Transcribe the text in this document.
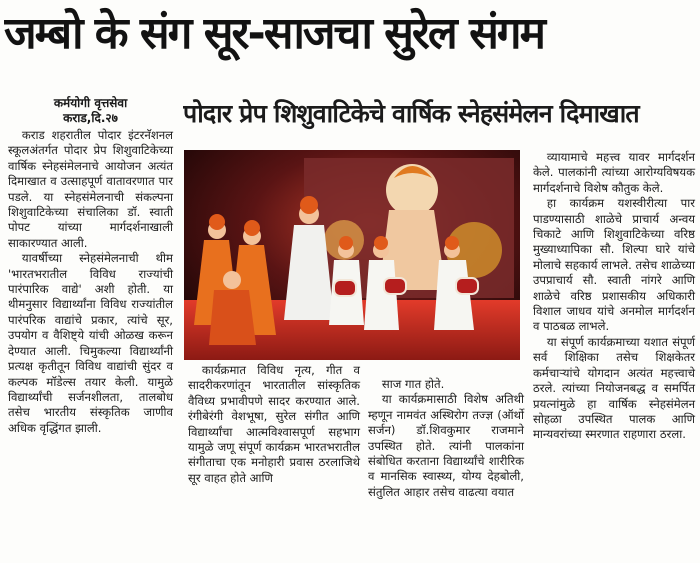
जम्बो के संग सूर-साजचा सुरेल संगम
कर्मयोगी वृत्तसेवा
कराड,दि.२७	पोदार प्रेप शिशुवाटिकेचे वार्षिक स्नेहसंमेलन दिमाखात

कराड शहरातील पोदार इंटरनॅशनल स्कूलअंतर्गत पोदार प्रेप शिशुवाटिकेच्या वार्षिक स्नेहसंमेलनाचे आयोजन अत्यंत दिमाखात व उत्साहपूर्ण वातावरणात पार पडले. या स्नेहसंमेलनाची संकल्पना शिशुवाटिकेच्या संचालिका डॉ. स्वाती पोपट यांच्या मार्गदर्शनाखाली साकारण्यात आली.

यावर्षीच्या स्नेहसंमेलनाची थीम 'भारतभरातील विविध राज्यांची पारंपारिक वाद्ये' अशी होती. या थीमनुसार विद्यार्थ्यांना विविध राज्यांतील पारंपरिक वाद्यांचे प्रकार, त्यांचे सूर, उपयोग व वैशिष्ट्ये यांची ओळख करून देण्यात आली. चिमुकल्या विद्यार्थ्यांनी प्रत्यक्ष कृतीतून विविध वाद्यांची सुंदर व कल्पक मॉडेल्स तयार केली. यामुळे विद्यार्थ्यांची सर्जनशीलता, तालबोध तसेच भारतीय संस्कृतिक जाणीव अधिक वृद्धिंगत झाली.

कार्यक्रमात विविध नृत्य, गीत व सादरीकरणांतून भारतातील सांस्कृतिक वैविध्य प्रभावीपणे सादर करण्यात आले. रंगीबेरंगी वेशभूषा, सुरेल संगीत आणि विद्यार्थ्यांचा आत्मविश्वासपूर्ण सहभाग यामुळे जणू संपूर्ण कार्यक्रम भारतभरातील संगीताचा एक मनोहारी प्रवास ठरलाजिथे सूर वाहत होते आणि

साज गात होते.

या कार्यक्रमासाठी विशेष अतिथी म्हणून नामवंत अस्थिरोग तज्ज्ञ (ऑर्थो सर्जन) डॉ.शिवकुमार राजमाने उपस्थित होते. त्यांनी पालकांना संबोधित करताना विद्यार्थ्यांचे शारीरिक व मानसिक स्वास्थ्य, योग्य देहबोली, संतुलित आहार तसेच वाढत्या वयात

व्यायामाचे महत्त्व यावर मार्गदर्शन केले. पालकांनी त्यांच्या आरोग्यविषयक मार्गदर्शनाचे विशेष कौतुक केले.

हा कार्यक्रम यशस्वीरीत्या पार पाडण्यासाठी शाळेचे प्राचार्य अन्वय चिकाटे आणि शिशुवाटिकेच्या वरिष्ठ मुख्याध्यापिका सौ. शिल्पा घारे यांचे मोलाचे सहकार्य लाभले. तसेच शाळेच्या उपप्राचार्य सौ. स्वाती नांगरे आणि शाळेचे वरिष्ठ प्रशासकीय अधिकारी विशाल जाधव यांचे अनमोल मार्गदर्शन व पाठबळ लाभले.

या संपूर्ण कार्यक्रमाच्या यशात संपूर्ण सर्व शिक्षिका तसेच शिक्षकेतर कर्मचाऱ्यांचे योगदान अत्यंत महत्त्वाचे ठरले. त्यांच्या नियोजनबद्ध व समर्पित प्रयत्नांमुळे हा वार्षिक स्नेहसंमेलन सोहळा उपस्थित पालक आणि मान्यवरांच्या स्मरणात राहणारा ठरला.
